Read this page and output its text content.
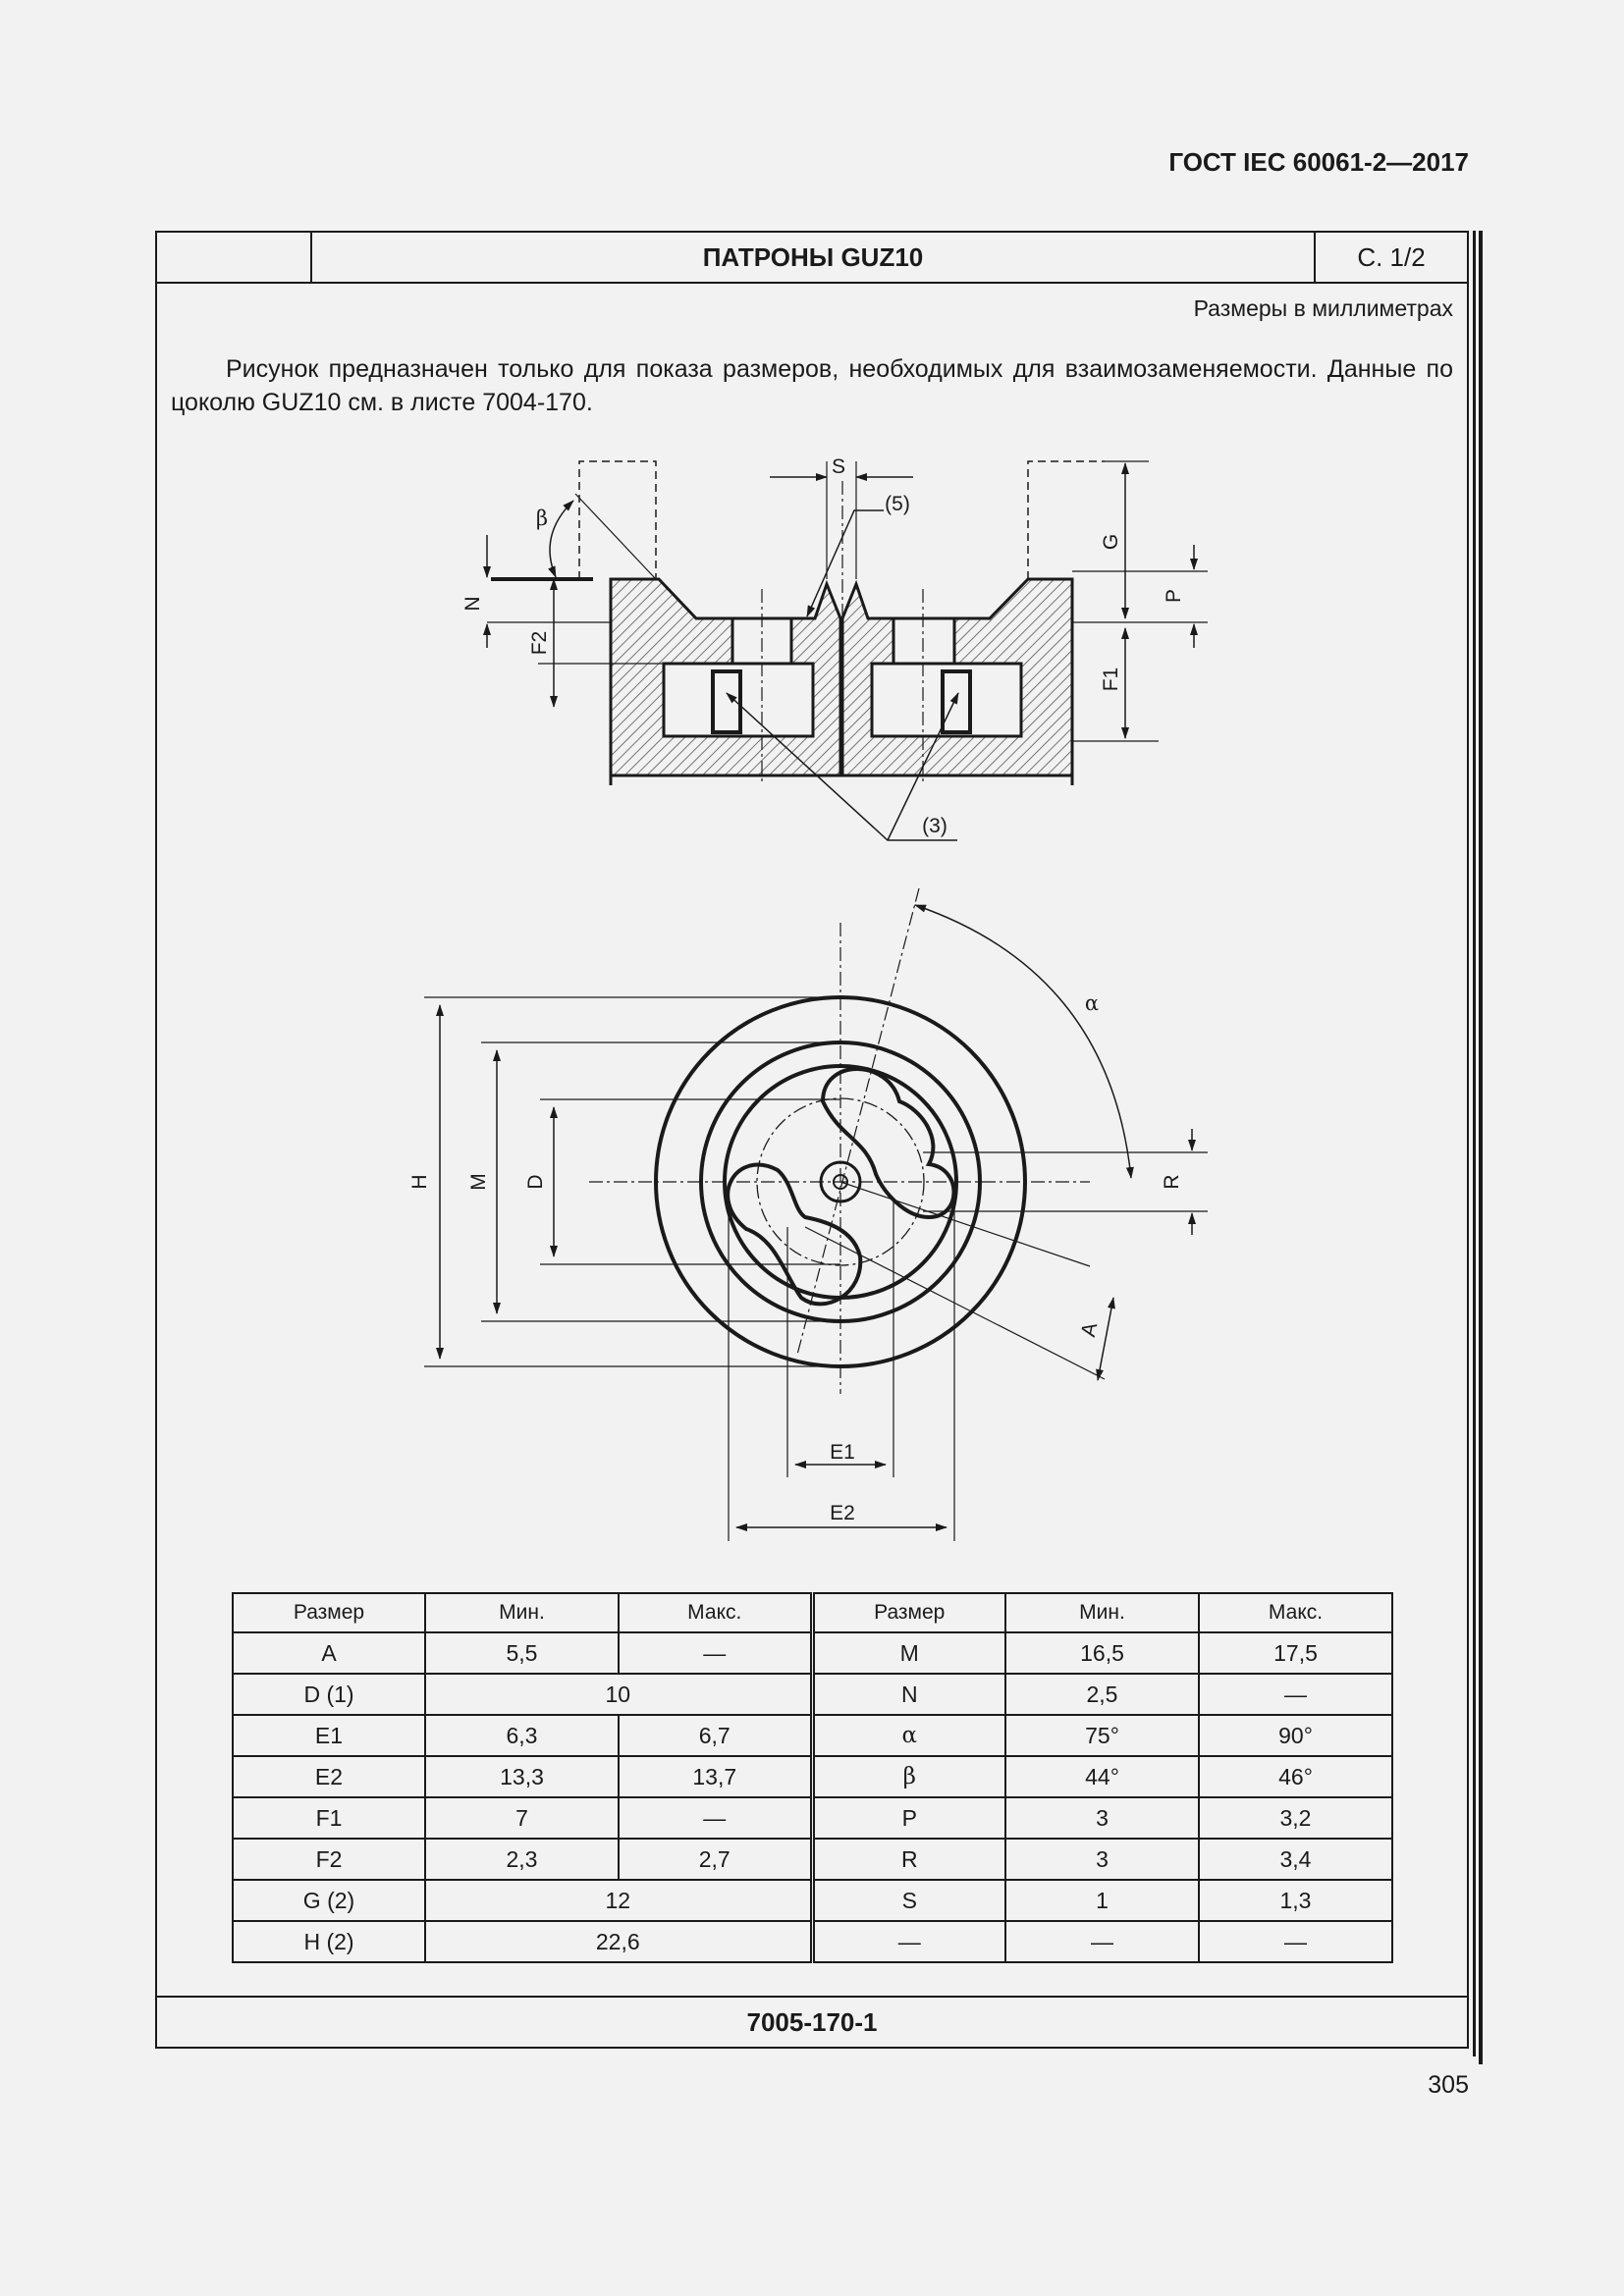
ГОСТ IEC 60061-2—2017
ПАТРОНЫ GUZ10	С. 1/2
Размеры в миллиметрах
Рисунок предназначен только для показа размеров, необходимых для взаимозаменяемости. Данные по цоколю GUZ10 см. в листе 7004-170.
7005-170-1
S
(5)
G
P
F1
F2
N
β
(3)
α
H M D	R
A
E1
E2
Размер	Мин.	Макс.	Размер	Мин.	Макс.
A	5,5	—	M	16,5	17,5
D (1)	10		N	2,5	—
E1	6,3	6,7	α	75°	90°
E2	13,3	13,7	β	44°	46°
F1	7	—	P	3	3,2
F2	2,3	2,7	R	3	3,4
G (2)	12		S	1	1,3
H (2)	22,6		—	—	—
305
